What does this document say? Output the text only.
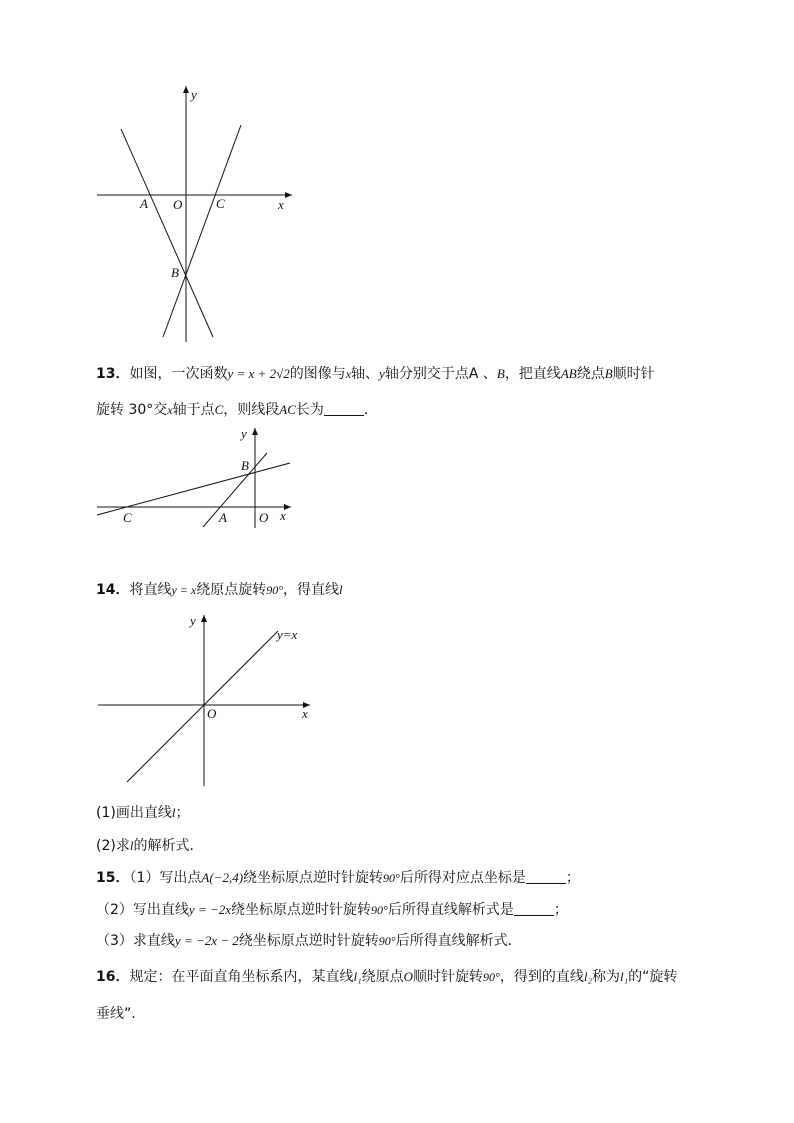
y
x
O
A	C
B
13．如图，一次函数y = x + 2√2的图像与x轴、y轴分别交于点A 、B，把直线AB绕点B顺时针
旋转 30°交x轴于点C，则线段AC长为	．
y
x
O
A
B
C
14．将直线y = x绕原点旋转90°，得直线l
y
x
O
y=x
(1)画出直线l；
(2)求l的解析式．
15．（1）写出点A(−2,4)绕坐标原点逆时针旋转90°后所得对应点坐标是	；
（2）写出直线y = −2x绕坐标原点逆时针旋转90°后所得直线解析式是	；
（3）求直线y = −2x − 2绕坐标原点逆时针旋转90°后所得直线解析式．
16．规定：在平面直角坐标系内，某直线l₁绕原点O顺时针旋转90°，得到的直线l₂称为l₁的“旋转
垂线”．
